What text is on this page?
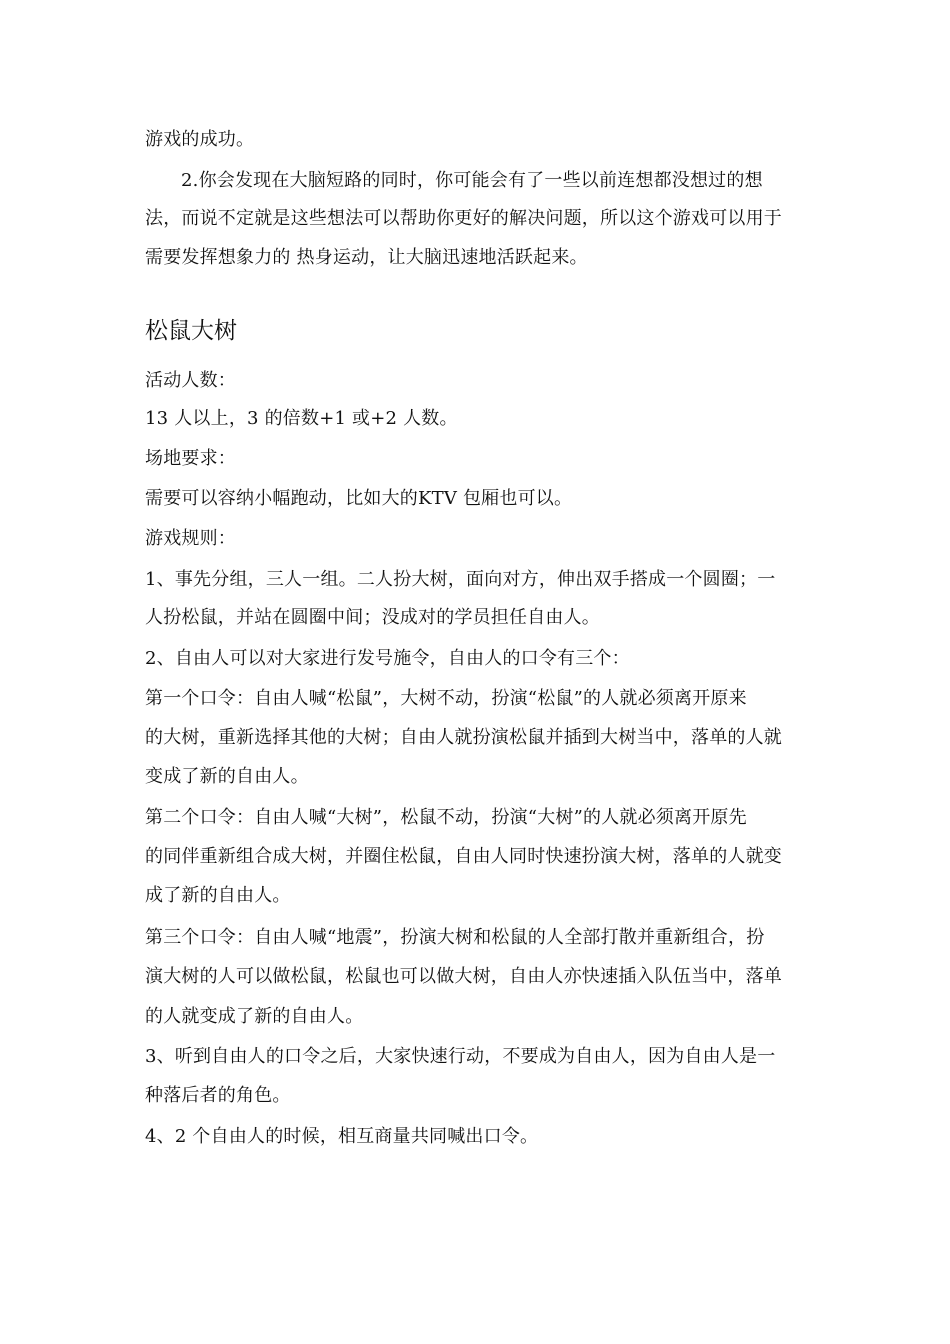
游戏的成功。
2.你会发现在大脑短路的同时，你可能会有了一些以前连想都没想过的想
法，而说不定就是这些想法可以帮助你更好的解决问题，所以这个游戏可以用于
需要发挥想象力的 热身运动，让大脑迅速地活跃起来。
松鼠大树
活动人数：
13 人以上，3 的倍数+1 或+2 人数。
场地要求：
需要可以容纳小幅跑动，比如大的KTV 包厢也可以。
游戏规则：
1、事先分组，三人一组。二人扮大树，面向对方，伸出双手搭成一个圆圈；一
人扮松鼠，并站在圆圈中间；没成对的学员担任自由人。
2、自由人可以对大家进行发号施令，自由人的口令有三个：
第一个口令：自由人喊“松鼠”，大树不动，扮演“松鼠”的人就必须离开原来
的大树，重新选择其他的大树；自由人就扮演松鼠并插到大树当中，落单的人就
变成了新的自由人。
第二个口令：自由人喊“大树”，松鼠不动，扮演“大树”的人就必须离开原先
的同伴重新组合成大树，并圈住松鼠，自由人同时快速扮演大树，落单的人就变
成了新的自由人。
第三个口令：自由人喊“地震”，扮演大树和松鼠的人全部打散并重新组合，扮
演大树的人可以做松鼠，松鼠也可以做大树，自由人亦快速插入队伍当中，落单
的人就变成了新的自由人。
3、听到自由人的口令之后，大家快速行动，不要成为自由人，因为自由人是一
种落后者的角色。
4、2 个自由人的时候，相互商量共同喊出口令。
